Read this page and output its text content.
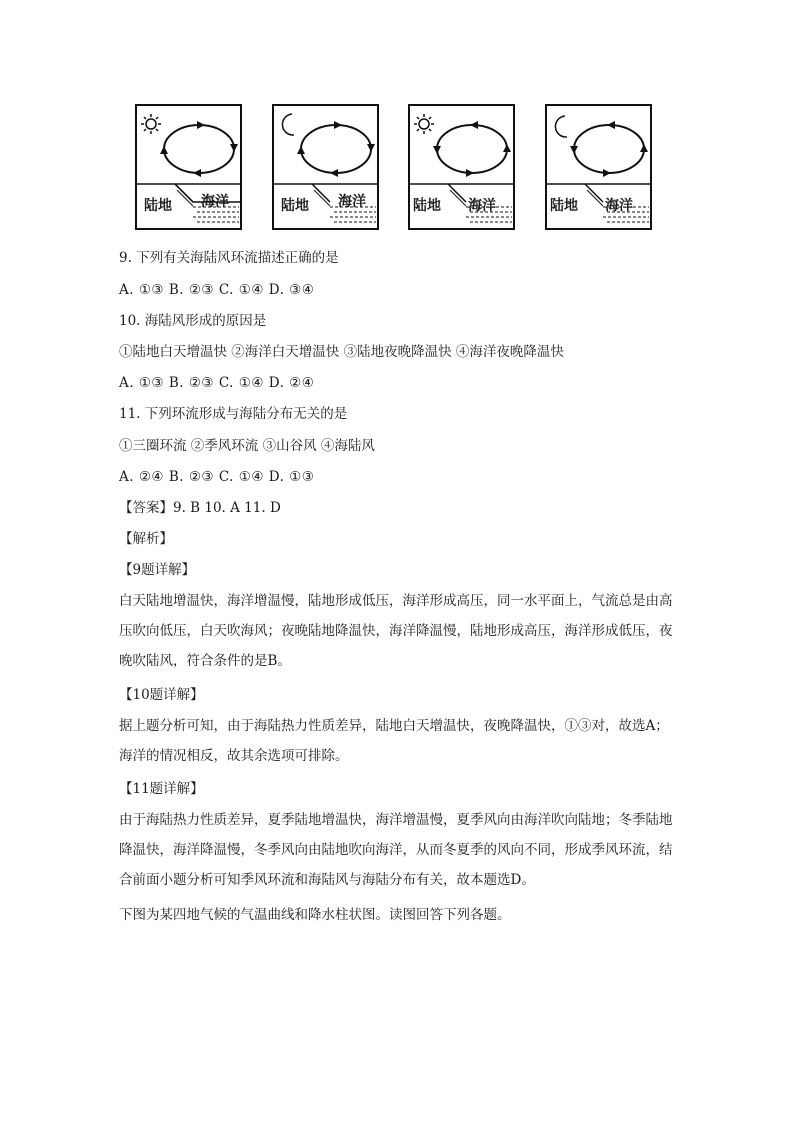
陆地 海洋	陆地 海洋	陆地 海洋	陆地 海洋
9. 下列有关海陆风环流描述正确的是
A. ①③ B. ②③ C. ①④ D. ③④
10. 海陆风形成的原因是
①陆地白天增温快 ②海洋白天增温快 ③陆地夜晚降温快 ④海洋夜晚降温快
A. ①③ B. ②③ C. ①④ D. ②④
11. 下列环流形成与海陆分布无关的是
①三圈环流 ②季风环流 ③山谷风 ④海陆风
A. ②④ B. ②③ C. ①④ D. ①③
【答案】9. B 10. A 11. D
【解析】
【9题详解】
白天陆地增温快，海洋增温慢，陆地形成低压，海洋形成高压，同一水平面上，气流总是由高压吹向低压，白天吹海风；夜晚陆地降温快，海洋降温慢，陆地形成高压，海洋形成低压，夜晚吹陆风，符合条件的是B。
【10题详解】
据上题分析可知，由于海陆热力性质差异，陆地白天增温快，夜晚降温快，①③对，故选A；海洋的情况相反，故其余选项可排除。
【11题详解】
由于海陆热力性质差异，夏季陆地增温快，海洋增温慢，夏季风向由海洋吹向陆地；冬季陆地降温快，海洋降温慢，冬季风向由陆地吹向海洋，从而冬夏季的风向不同，形成季风环流，结合前面小题分析可知季风环流和海陆风与海陆分布有关，故本题选D。
下图为某四地气候的气温曲线和降水柱状图。读图回答下列各题。
